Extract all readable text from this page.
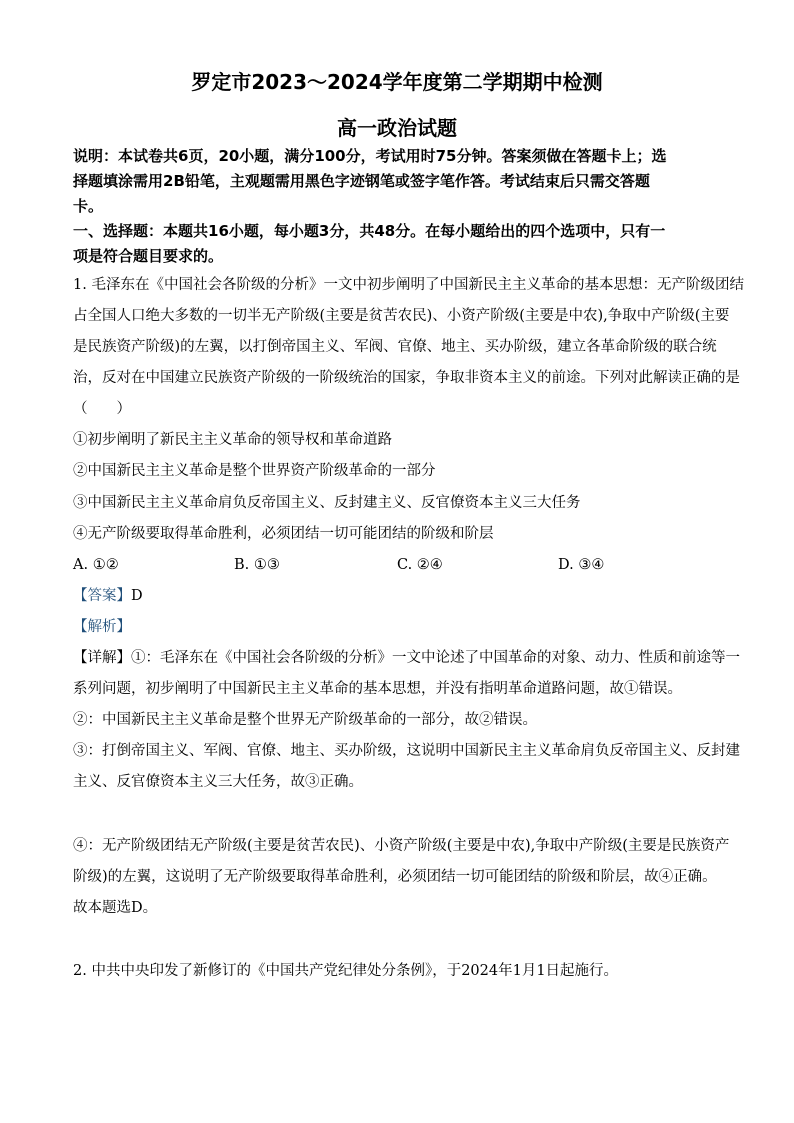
罗定市2023～2024学年度第二学期期中检测
高一政治试题
说明：本试卷共6页，20小题，满分100分，考试用时75分钟。答案须做在答题卡上；选
择题填涂需用2B铅笔，主观题需用黑色字迹钢笔或签字笔作答。考试结束后只需交答题
卡。
一、选择题：本题共16小题，每小题3分，共48分。在每小题给出的四个选项中，只有一
项是符合题目要求的。
1. 毛泽东在《中国社会各阶级的分析》一文中初步阐明了中国新民主主义革命的基本思想：无产阶级团结
占全国人口绝大多数的一切半无产阶级(主要是贫苦农民)、小资产阶级(主要是中农),争取中产阶级(主要
是民族资产阶级)的左翼，以打倒帝国主义、军阀、官僚、地主、买办阶级，建立各革命阶级的联合统
治，反对在中国建立民族资产阶级的一阶级统治的国家，争取非资本主义的前途。下列对此解读正确的是
（　　）
①初步阐明了新民主主义革命的领导权和革命道路
②中国新民主主义革命是整个世界资产阶级革命的一部分
③中国新民主主义革命肩负反帝国主义、反封建主义、反官僚资本主义三大任务
④无产阶级要取得革命胜利，必须团结一切可能团结的阶级和阶层
A. ①②	B. ①③	C. ②④	D. ③④
【答案】D
【解析】
【详解】①：毛泽东在《中国社会各阶级的分析》一文中论述了中国革命的对象、动力、性质和前途等一
系列问题，初步阐明了中国新民主主义革命的基本思想，并没有指明革命道路问题，故①错误。
②：中国新民主主义革命是整个世界无产阶级革命的一部分，故②错误。
③：打倒帝国主义、军阀、官僚、地主、买办阶级，这说明中国新民主主义革命肩负反帝国主义、反封建
主义、反官僚资本主义三大任务，故③正确。
④：无产阶级团结无产阶级(主要是贫苦农民)、小资产阶级(主要是中农),争取中产阶级(主要是民族资产
阶级)的左翼，这说明了无产阶级要取得革命胜利，必须团结一切可能团结的阶级和阶层，故④正确。
故本题选D。
2. 中共中央印发了新修订的《中国共产党纪律处分条例》，于2024年1月1日起施行。
